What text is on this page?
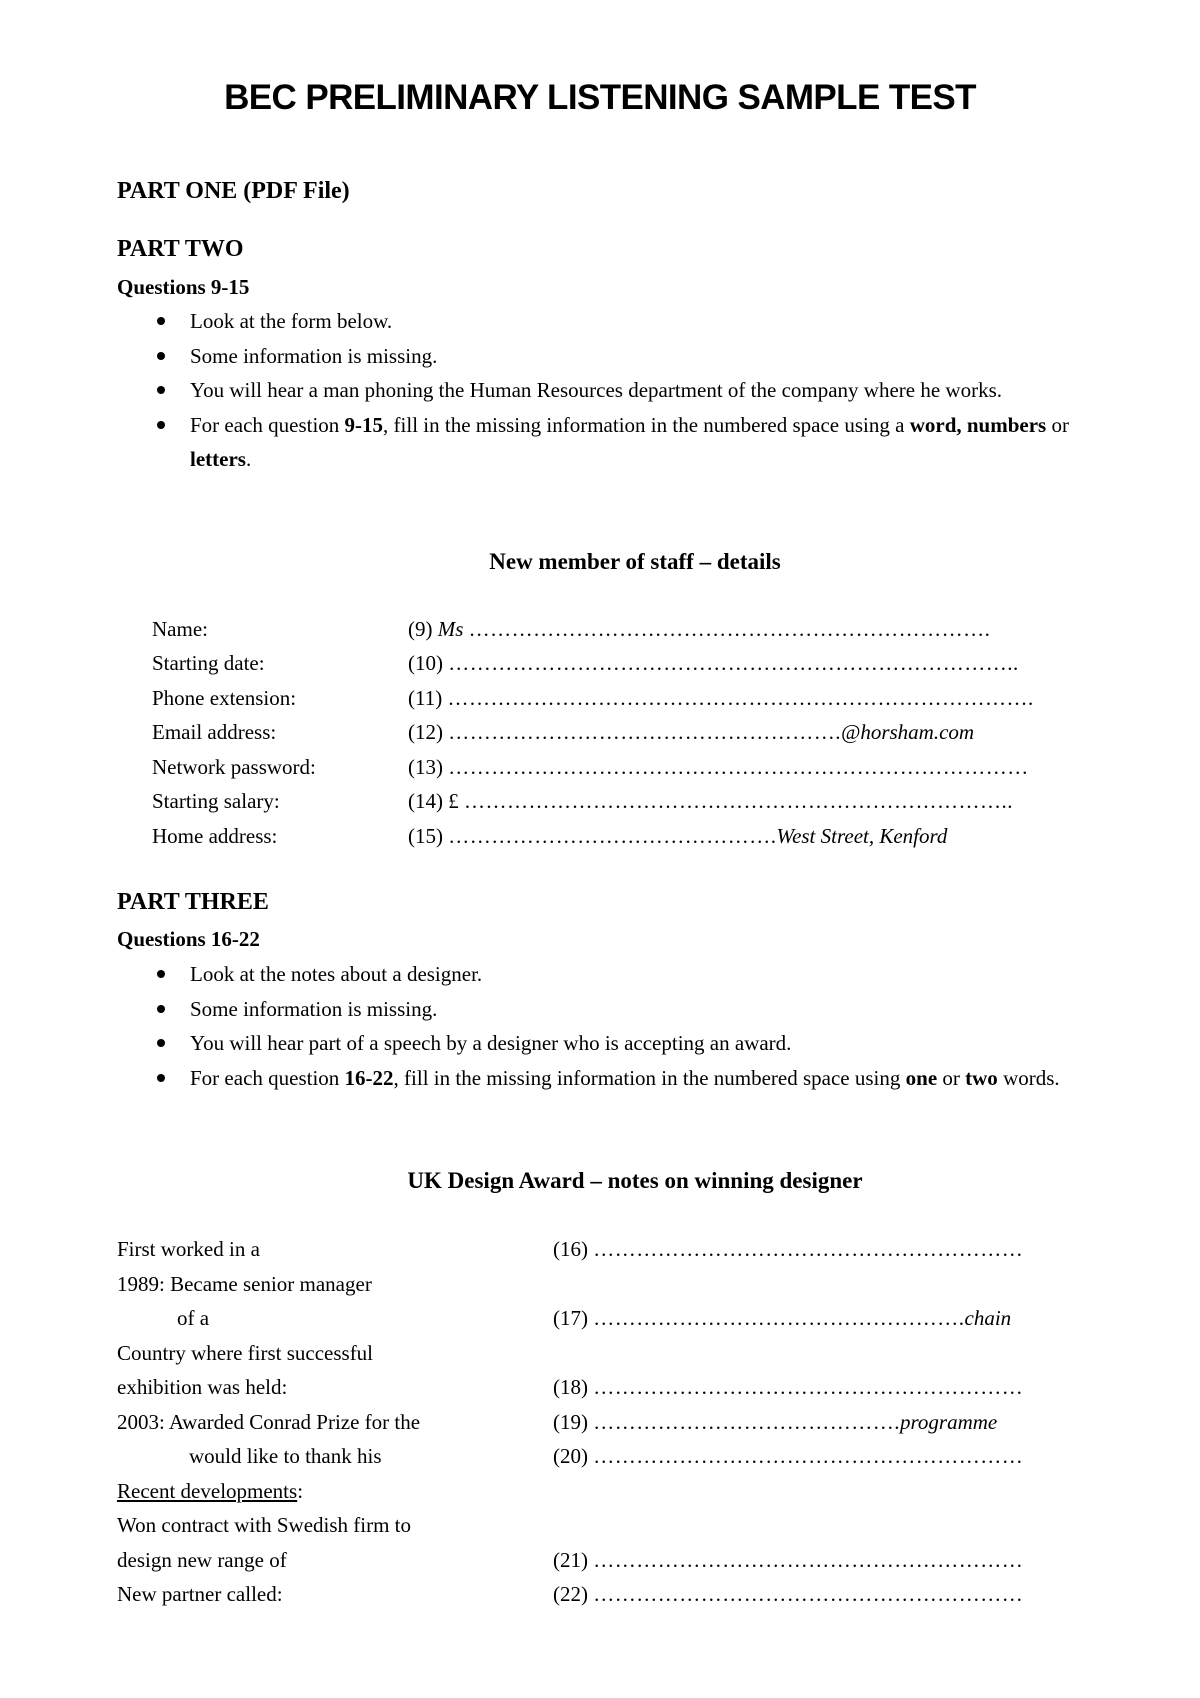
BEC PRELIMINARY LISTENING SAMPLE TEST
PART ONE (PDF File)
PART TWO
Questions 9-15
Look at the form below.
Some information is missing.
You will hear a man phoning the Human Resources department of the company where he works.
For each question 9-15, fill in the missing information in the numbered space using a word, numbers or letters.
New member of staff – details
Name:	(9) Ms ……………………………………………………………….
Starting date:	(10) ……………………………………………………………………..
Phone extension:	(11) ……………………………………………………………………….
Email address:	(12) ……………………………………………….@horsham.com
Network password:	(13) ………………………………………………………………………
Starting salary:	(14) £ …………………………………………………………………..
Home address:	(15) ……………………………………….West Street, Kenford
PART THREE
Questions 16-22
Look at the notes about a designer.
Some information is missing.
You will hear part of a speech by a designer who is accepting an award.
For each question 16-22, fill in the missing information in the numbered space using one or two words.
UK Design Award – notes on winning designer
First worked in a	(16) ……………………………………………………
1989: Became senior manager
of a	(17) …………………………………………….chain
Country where first successful
exhibition was held:	(18) ……………………………………………………
2003: Awarded Conrad Prize for the	(19) …………………………………….programme
would like to thank his	(20) ……………………………………………………
Recent developments:
Won contract with Swedish firm to
design new range of	(21) ……………………………………………………
New partner called:	(22) ……………………………………………………
